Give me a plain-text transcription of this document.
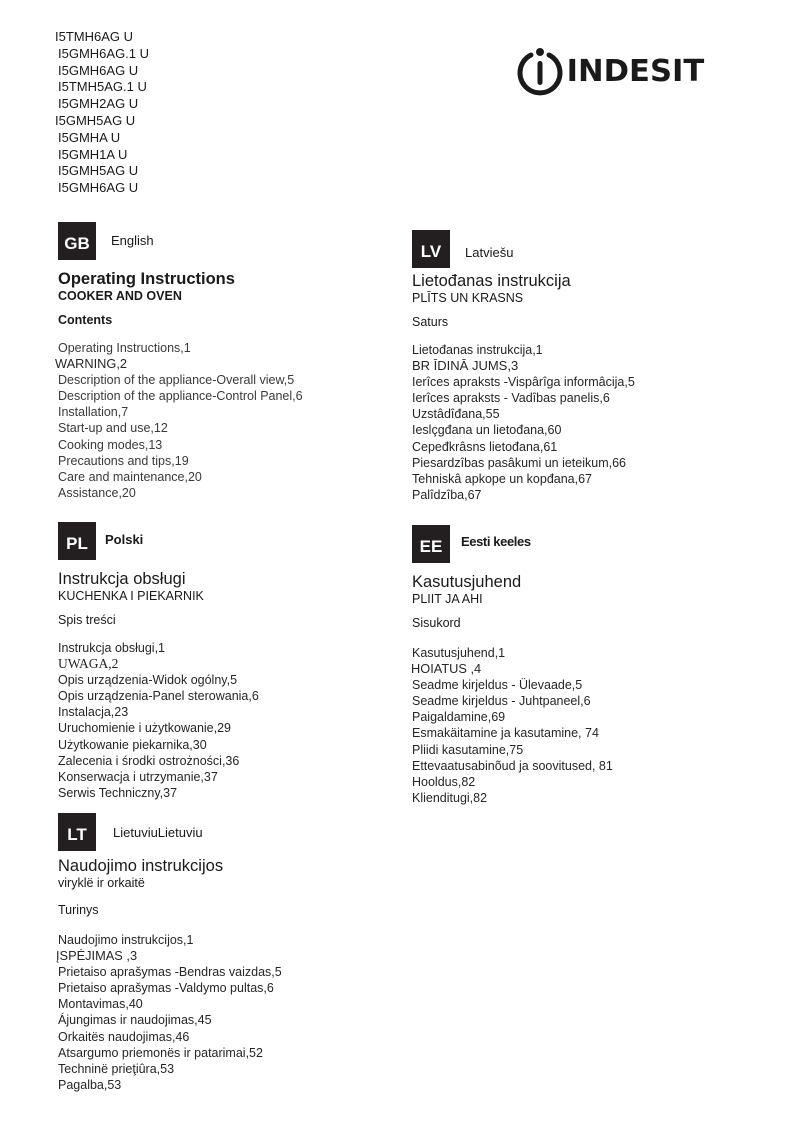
I5TMH6AG U
I5GMH6AG.1 U
I5GMH6AG U
I5TMH5AG.1 U
I5GMH2AG U
I5GMH5AG U
I5GMHA U
I5GMH1A U
I5GMH5AG U
I5GMH6AG U
INDESIT
GB English
Operating Instructions
COOKER AND OVEN
Contents
Operating Instructions,1
WARNING,2
Description of the appliance-Overall view,5
Description of the appliance-Control Panel,6
Installation,7
Start-up and use,12
Cooking modes,13
Precautions and tips,19
Care and maintenance,20
Assistance,20
LV Latviešu
Lietođanas instrukcija
PLĪTS UN KRASNS
Saturs
Lietođanas instrukcija,1
BR ĪDINĀ JUMS,3
Ierîces apraksts -Vispârîga informâcija,5
Ierîces apraksts - Vadîbas panelis,6
Uzstâdîđana,55
Ieslçgđana un lietođana,60
Cepeđkrâsns lietođana,61
Piesardzîbas pasâkumi un ieteikum,66
Tehniskâ apkope un kopđana,67
Palîdzîba,67
PL Polski
Instrukcja obsługi
KUCHENKA I PIEKARNIK
Spis treści
Instrukcja obsługi,1
UWAGA,2
Opis urządzenia-Widok ogólny,5
Opis urządzenia-Panel sterowania,6
Instalacja,23
Uruchomienie i użytkowanie,29
Użytkowanie piekarnika,30
Zalecenia i środki ostrożności,36
Konserwacja i utrzymanie,37
Serwis Techniczny,37
EE Eesti keeles
Kasutusjuhend
PLIIT JA AHI
Sisukord
Kasutusjuhend,1
HOIATUS ,4
Seadme kirjeldus - Ülevaade,5
Seadme kirjeldus - Juhtpaneel,6
Paigaldamine,69
Esmakäitamine ja kasutamine, 74
Pliidi kasutamine,75
Ettevaatusabinõud ja soovitused, 81
Hooldus,82
Klienditugi,82
LT LietuviuLietuviu
Naudojimo instrukcijos
viryklë ir orkaitë
Turinys
Naudojimo instrukcijos,1
ĮSPĖJIMAS ,3
Prietaiso aprašymas -Bendras vaizdas,5
Prietaiso aprašymas -Valdymo pultas,6
Montavimas,40
Ájungimas ir naudojimas,45
Orkaitës naudojimas,46
Atsargumo priemonës ir patarimai,52
Techninë prieţiûra,53
Pagalba,53
